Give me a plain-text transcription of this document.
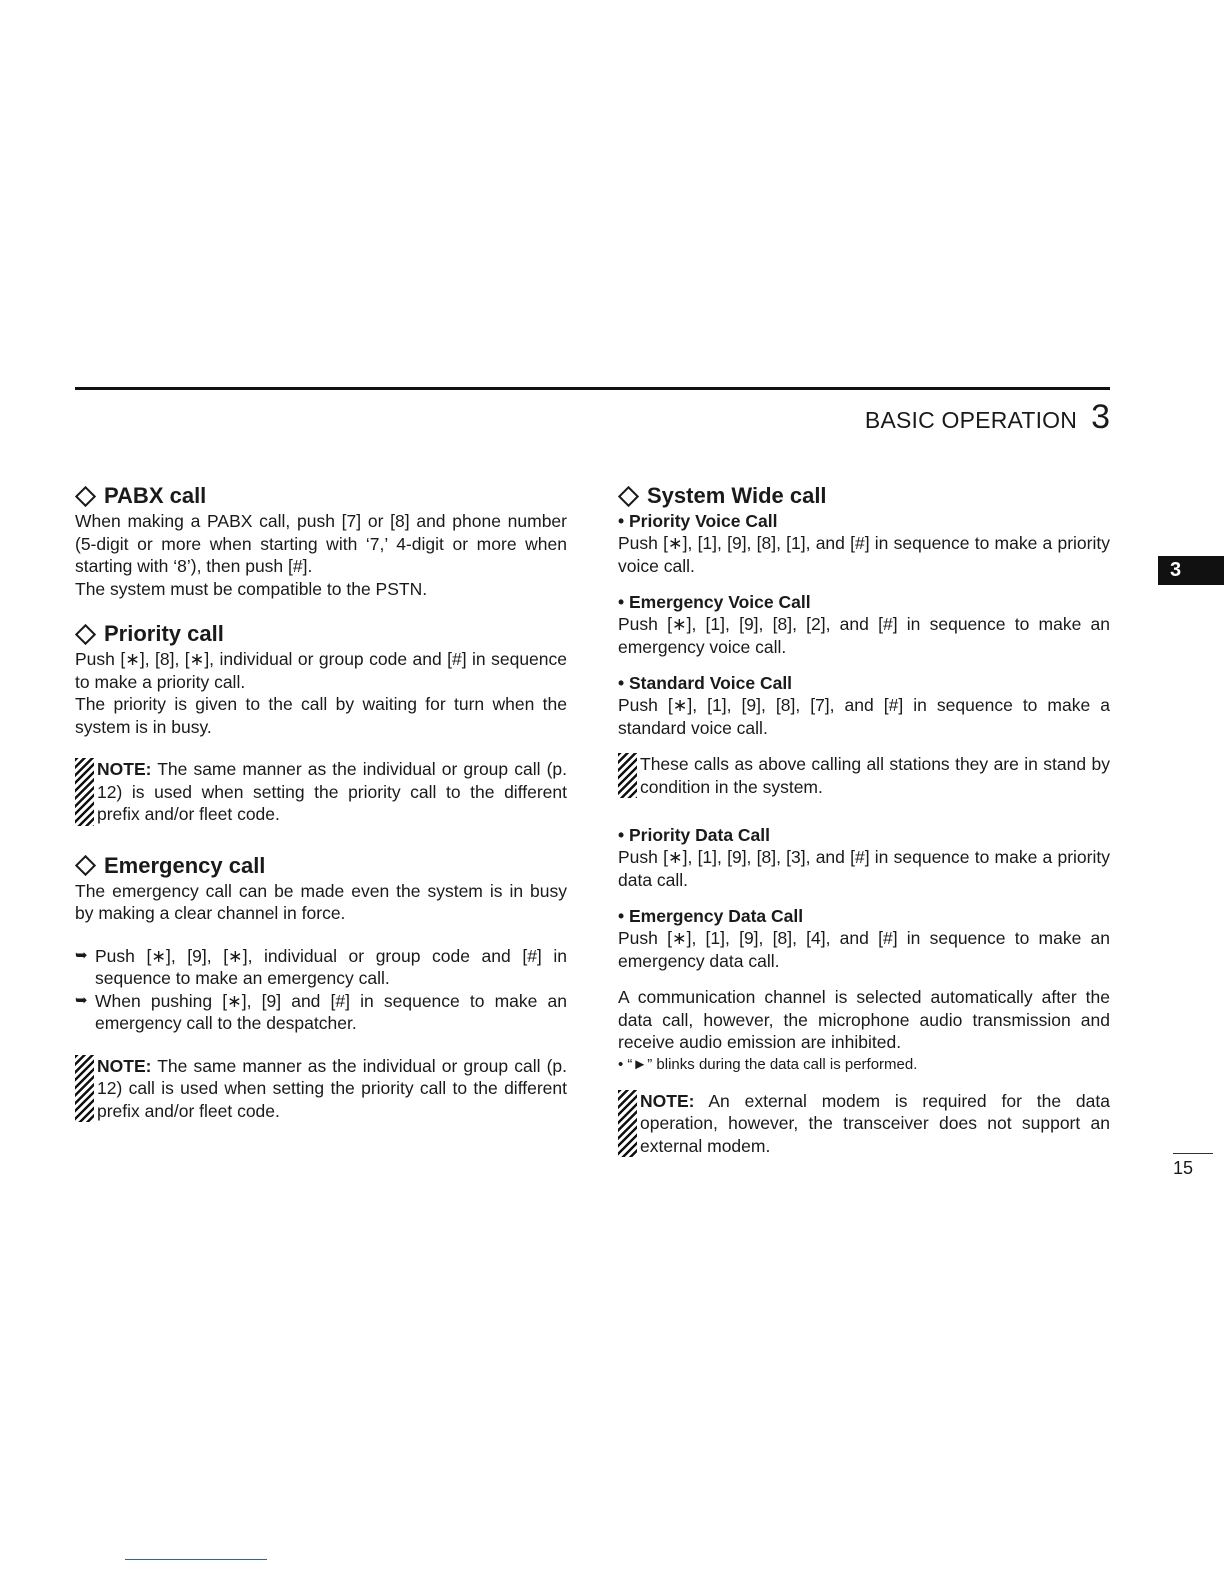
BASIC OPERATION 3
3
PABX call

When making a PABX call, push [7] or [8] and phone number (5-digit or more when starting with ‘7,’ 4-digit or more when starting with ‘8’), then push [#].

The system must be compatible to the PSTN.

Priority call

Push [∗], [8], [∗], individual or group code and [#] in sequence to make a priority call.

The priority is given to the call by waiting for turn when the system is in busy.

NOTE: The same manner as the individual or group call (p. 12) is used when setting the priority call to the different prefix and/or fleet code.

Emergency call

The emergency call can be made even the system is in busy by making a clear channel in force.

➥ Push [∗], [9], [∗], individual or group code and [#] in sequence to make an emergency call.

➥ When pushing [∗], [9] and [#] in sequence to make an emergency call to the despatcher.

NOTE: The same manner as the individual or group call (p. 12) call is used when setting the priority call to the different prefix and/or fleet code.

System Wide call
• Priority Voice Call

Push [∗], [1], [9], [8], [1], and [#] in sequence to make a priority voice call.

• Emergency Voice Call

Push [∗], [1], [9], [8], [2], and [#] in sequence to make an emergency voice call.

• Standard Voice Call

Push [∗], [1], [9], [8], [7], and [#] in sequence to make a standard voice call.

These calls as above calling all stations they are in stand by condition in the system.

• Priority Data Call

Push [∗], [1], [9], [8], [3], and [#] in sequence to make a priority data call.

• Emergency Data Call

Push [∗], [1], [9], [8], [4], and [#] in sequence to make an emergency data call.

A communication channel is selected automatically after the data call, however, the microphone audio transmission and receive audio emission are inhibited.

• “►” blinks during the data call is performed.

NOTE: An external modem is required for the data operation, however, the transceiver does not support an external modem.

15
